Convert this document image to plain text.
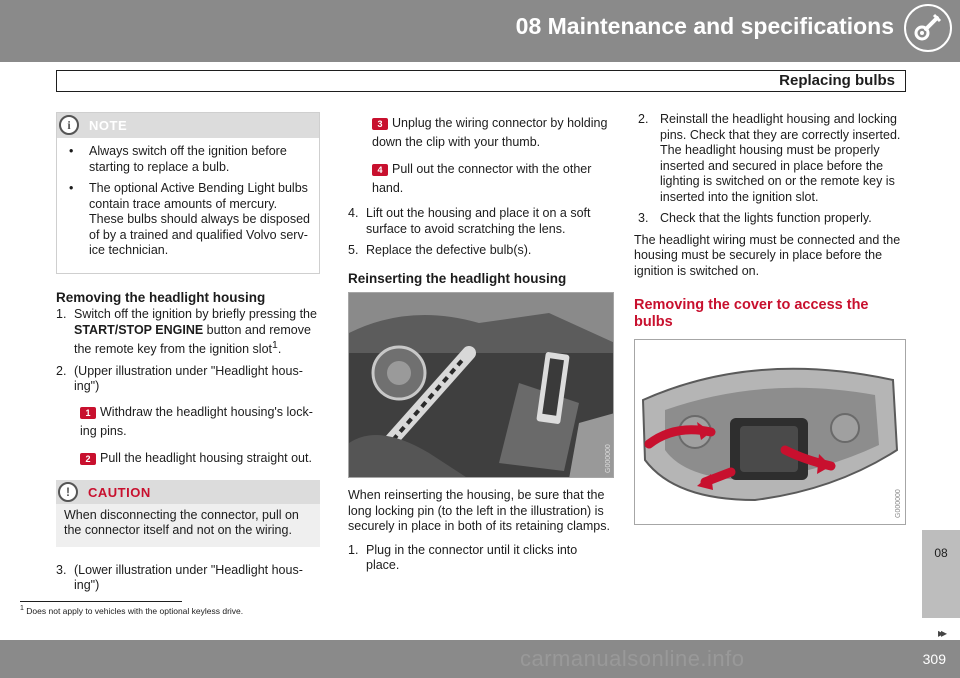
08 Maintenance and specifications
Replacing bulbs
i
NOTE
• Always switch off the ignition before starting to replace a bulb.
• The optional Active Bending Light bulbs contain trace amounts of mercury. These bulbs should always be disposed of by a trained and qualified Volvo serv-ice technician.
Removing the headlight housing
1. Switch off the ignition by briefly pressing the START/STOP ENGINE button and remove the remote key from the ignition slot$^1$.
2. (Upper illustration under "Headlight hous-ing")
1 Withdraw the headlight housing's lock-ing pins.
2 Pull the headlight housing straight out.
!
CAUTION
When disconnecting the connector, pull on the connector itself and not on the wiring.
3. (Lower illustration under "Headlight hous-ing")
3 Unplug the wiring connector by holding down the clip with your thumb.
4 Pull out the connector with the other hand.
4. Lift out the housing and place it on a soft surface to avoid scratching the lens.
5. Replace the defective bulb(s).
Reinserting the headlight housing
G000000
When reinserting the housing, be sure that the long locking pin (to the left in the illustration) is securely in place in both of its retaining clamps.
1. Plug in the connector until it clicks into place.
2. Reinstall the headlight housing and locking pins. Check that they are correctly inserted. The headlight housing must be properly inserted and secured in place before the lighting is switched on or the remote key is inserted into the ignition slot.
3. Check that the lights function properly.
The headlight wiring must be connected and the housing must be securely in place before the ignition is switched on.
Removing the cover to access the bulbs
G000000
08
▸▸
$^1$ Does not apply to vehicles with the optional keyless drive.
carmanualsonline.info	309
